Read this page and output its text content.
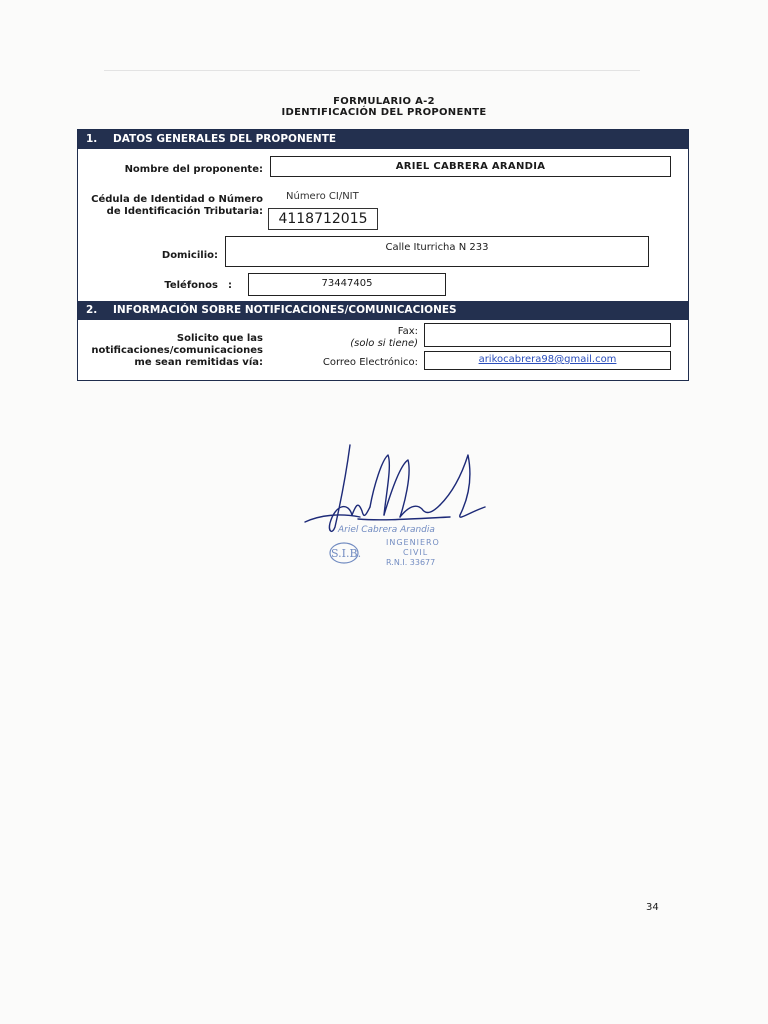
FORMULARIO A-2
IDENTIFICACIÓN DEL PROPONENTE
1. DATOS GENERALES DEL PROPONENTE
Nombre del proponente:	ARIEL CABRERA ARANDIA
Cédula de Identidad o Número
de Identificación Tributaria:
Número CI/NIT
4118712015
Domicilio:
Calle Iturricha N 233
Teléfonos :	73447405
2. INFORMACIÓN SOBRE NOTIFICACIONES/COMUNICACIONES
Solicito que las
notificaciones/comunicaciones
me sean remitidas vía:
Fax:
(solo si tiene)
Correo Electrónico:	arikocabrera98@gmail.com
S.I.B.
Ariel Cabrera Arandia
INGENIERO
CIVIL
R.N.I. 33677
34
